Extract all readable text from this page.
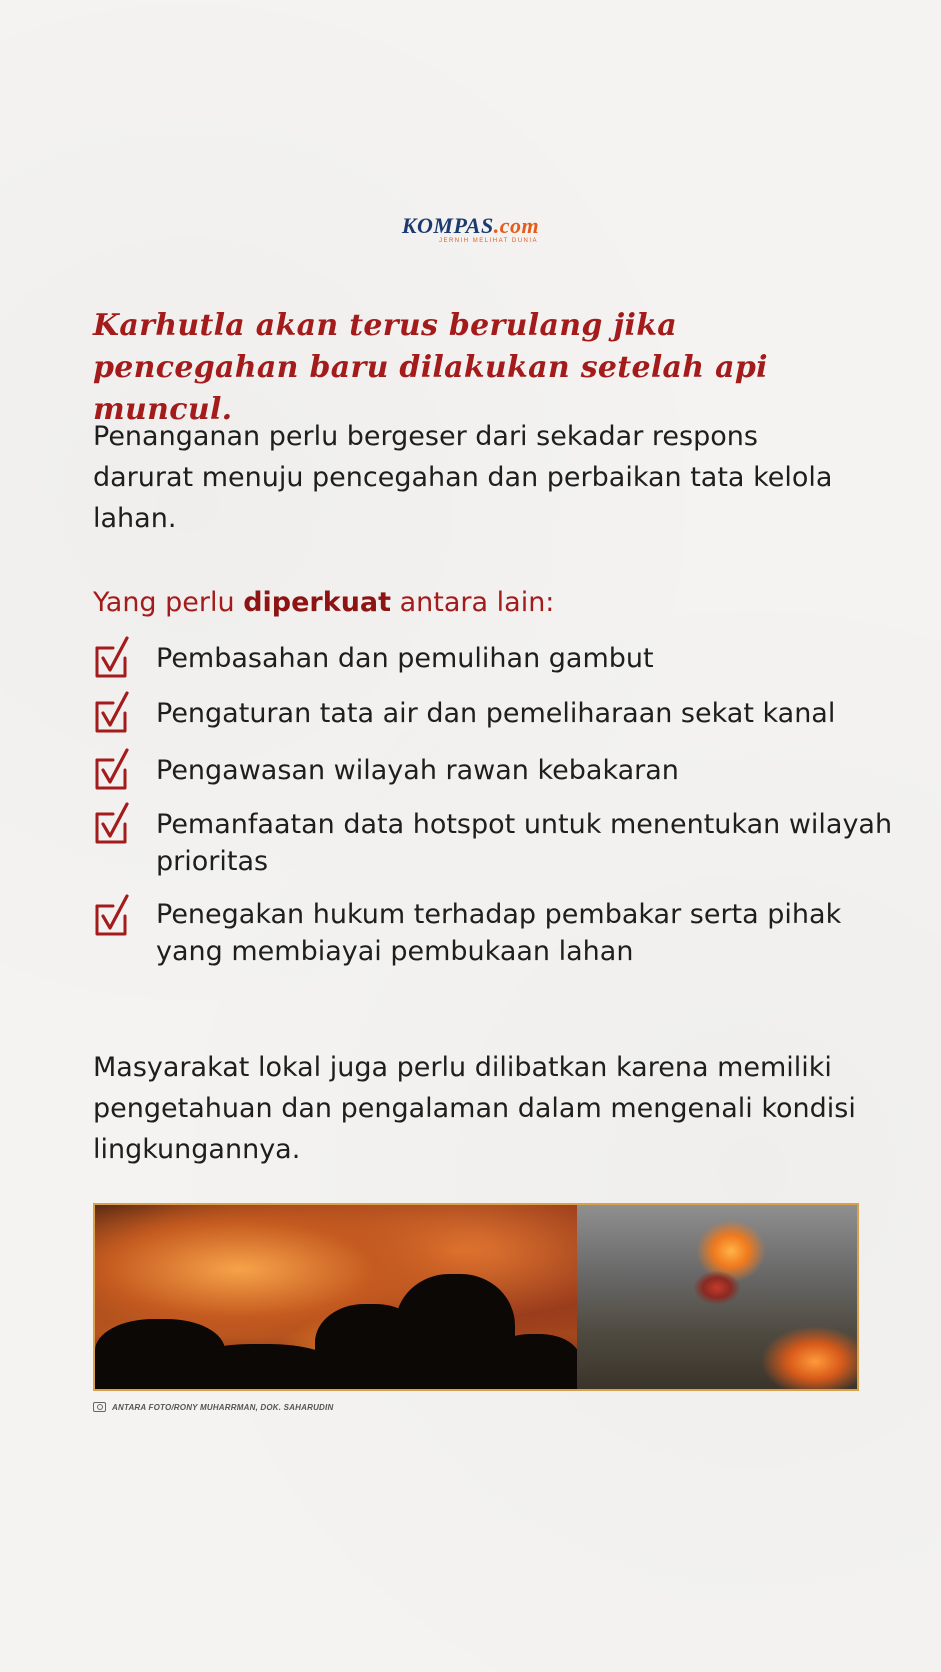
KOMPAS.com
JERNIH MELIHAT DUNIA
Karhutla akan terus berulang jika pencegahan baru dilakukan setelah api muncul.

Penanganan perlu bergeser dari sekadar respons darurat menuju pencegahan dan perbaikan tata kelola lahan.

Yang perlu diperkuat antara lain:
Pembasahan dan pemulihan gambut
Pengaturan tata air dan pemeliharaan sekat kanal
Pengawasan wilayah rawan kebakaran
Pemanfaatan data hotspot untuk menentukan wilayah prioritas
Penegakan hukum terhadap pembakar serta pihak yang membiayai pembukaan lahan

Masyarakat lokal juga perlu dilibatkan karena memiliki pengetahuan dan pengalaman dalam mengenali kondisi lingkungannya.

ANTARA FOTO/RONY MUHARRMAN, DOK. SAHARUDIN
